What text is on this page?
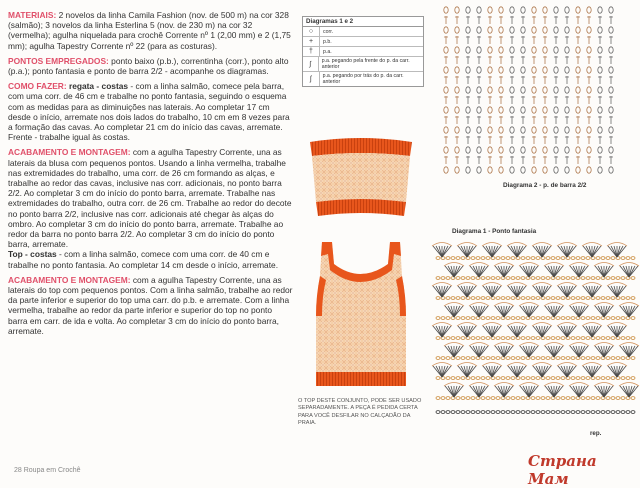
MATERIAIS: 2 novelos da linha Camila Fashion (nov. de 500 m) na cor 328 (salmão); 3 novelos da linha Esterlina 5 (nov. de 230 m) na cor 32 (vermelha); agulha niquelada para crochê Corrente nº 1 (2,00 mm) e 2 (1,75 mm); agulha Tapestry Corrente nº 22 (para as costuras).

PONTOS EMPREGADOS: ponto baixo (p.b.), correntinha (corr.), ponto alto (p.a.); ponto fantasia e ponto de barra 2/2 - acompanhe os diagramas.

COMO FAZER: regata - costas - com a linha salmão, comece pela barra, com uma corr. de 46 cm e trabalhe no ponto fantasia, seguindo o esquema com as medidas para as diminuições nas laterais. Ao completar 17 cm desde o início, arremate nos dois lados do trabalho, 10 cm em 8 vezes para a formação das cavas. Ao completar 21 cm do início das cavas, arremate.
Frente - trabalhe igual às costas.

ACABAMENTO E MONTAGEM: com a agulha Tapestry Corrente, una as laterais da blusa com pequenos pontos. Usando a linha vermelha, trabalhe nas extremidades do trabalho, uma corr. de 26 cm formando as alças, e trabalhe ao redor das cavas, inclusive nas corr. adicionais, no ponto barra 2/2. Ao completar 3 cm do início do ponto barra, arremate. Trabalhe nas extremidades do trabalho, outra corr. de 26 cm. Trabalhe ao redor do decote no ponto barra 2/2, inclusive nas corr. adicionais até chegar às alças do ombro. Ao completar 3 cm do início do ponto barra, arremate. Trabalhe ao redor da barra no ponto barra 2/2. Ao completar 3 cm do início do ponto barra, arremate.
Top - costas - com a linha salmão, comece com uma corr. de 40 cm e trabalhe no ponto fantasia. Ao completar 14 cm desde o início, arremate.

ACABAMENTO E MONTAGEM: com a agulha Tapestry Corrente, una as laterais do top com pequenos pontos. Com a linha salmão, trabalhe ao redor da parte inferior e superior do top uma carr. do p.b. e arremate. Com a linha vermelha, trabalhe ao redor da parte inferior e superior do top no ponto barra em carr. de ida e volta. Ao completar 3 cm do início do ponto barra, arremate.

Diagramas 1 e 2
○	corr.
+	p.b.
†	p.a.
∫	p.a. pegando pela frente do p. da carr. anterior
ʃ	p.a. pegando por trás do p. da carr. anterior
O TOP DESTE CONJUNTO, PODE SER USADO SEPARADAMENTE. A PEÇA É PEDIDA CERTA PARA VOCÊ DESFILAR NO CALÇADÃO DA PRAIA.
Diagrama 2 - p. de barra 2/2
Diagrama 1 - Ponto fantasia
rep.
28 Roupa em Crochê
Страна Мам
